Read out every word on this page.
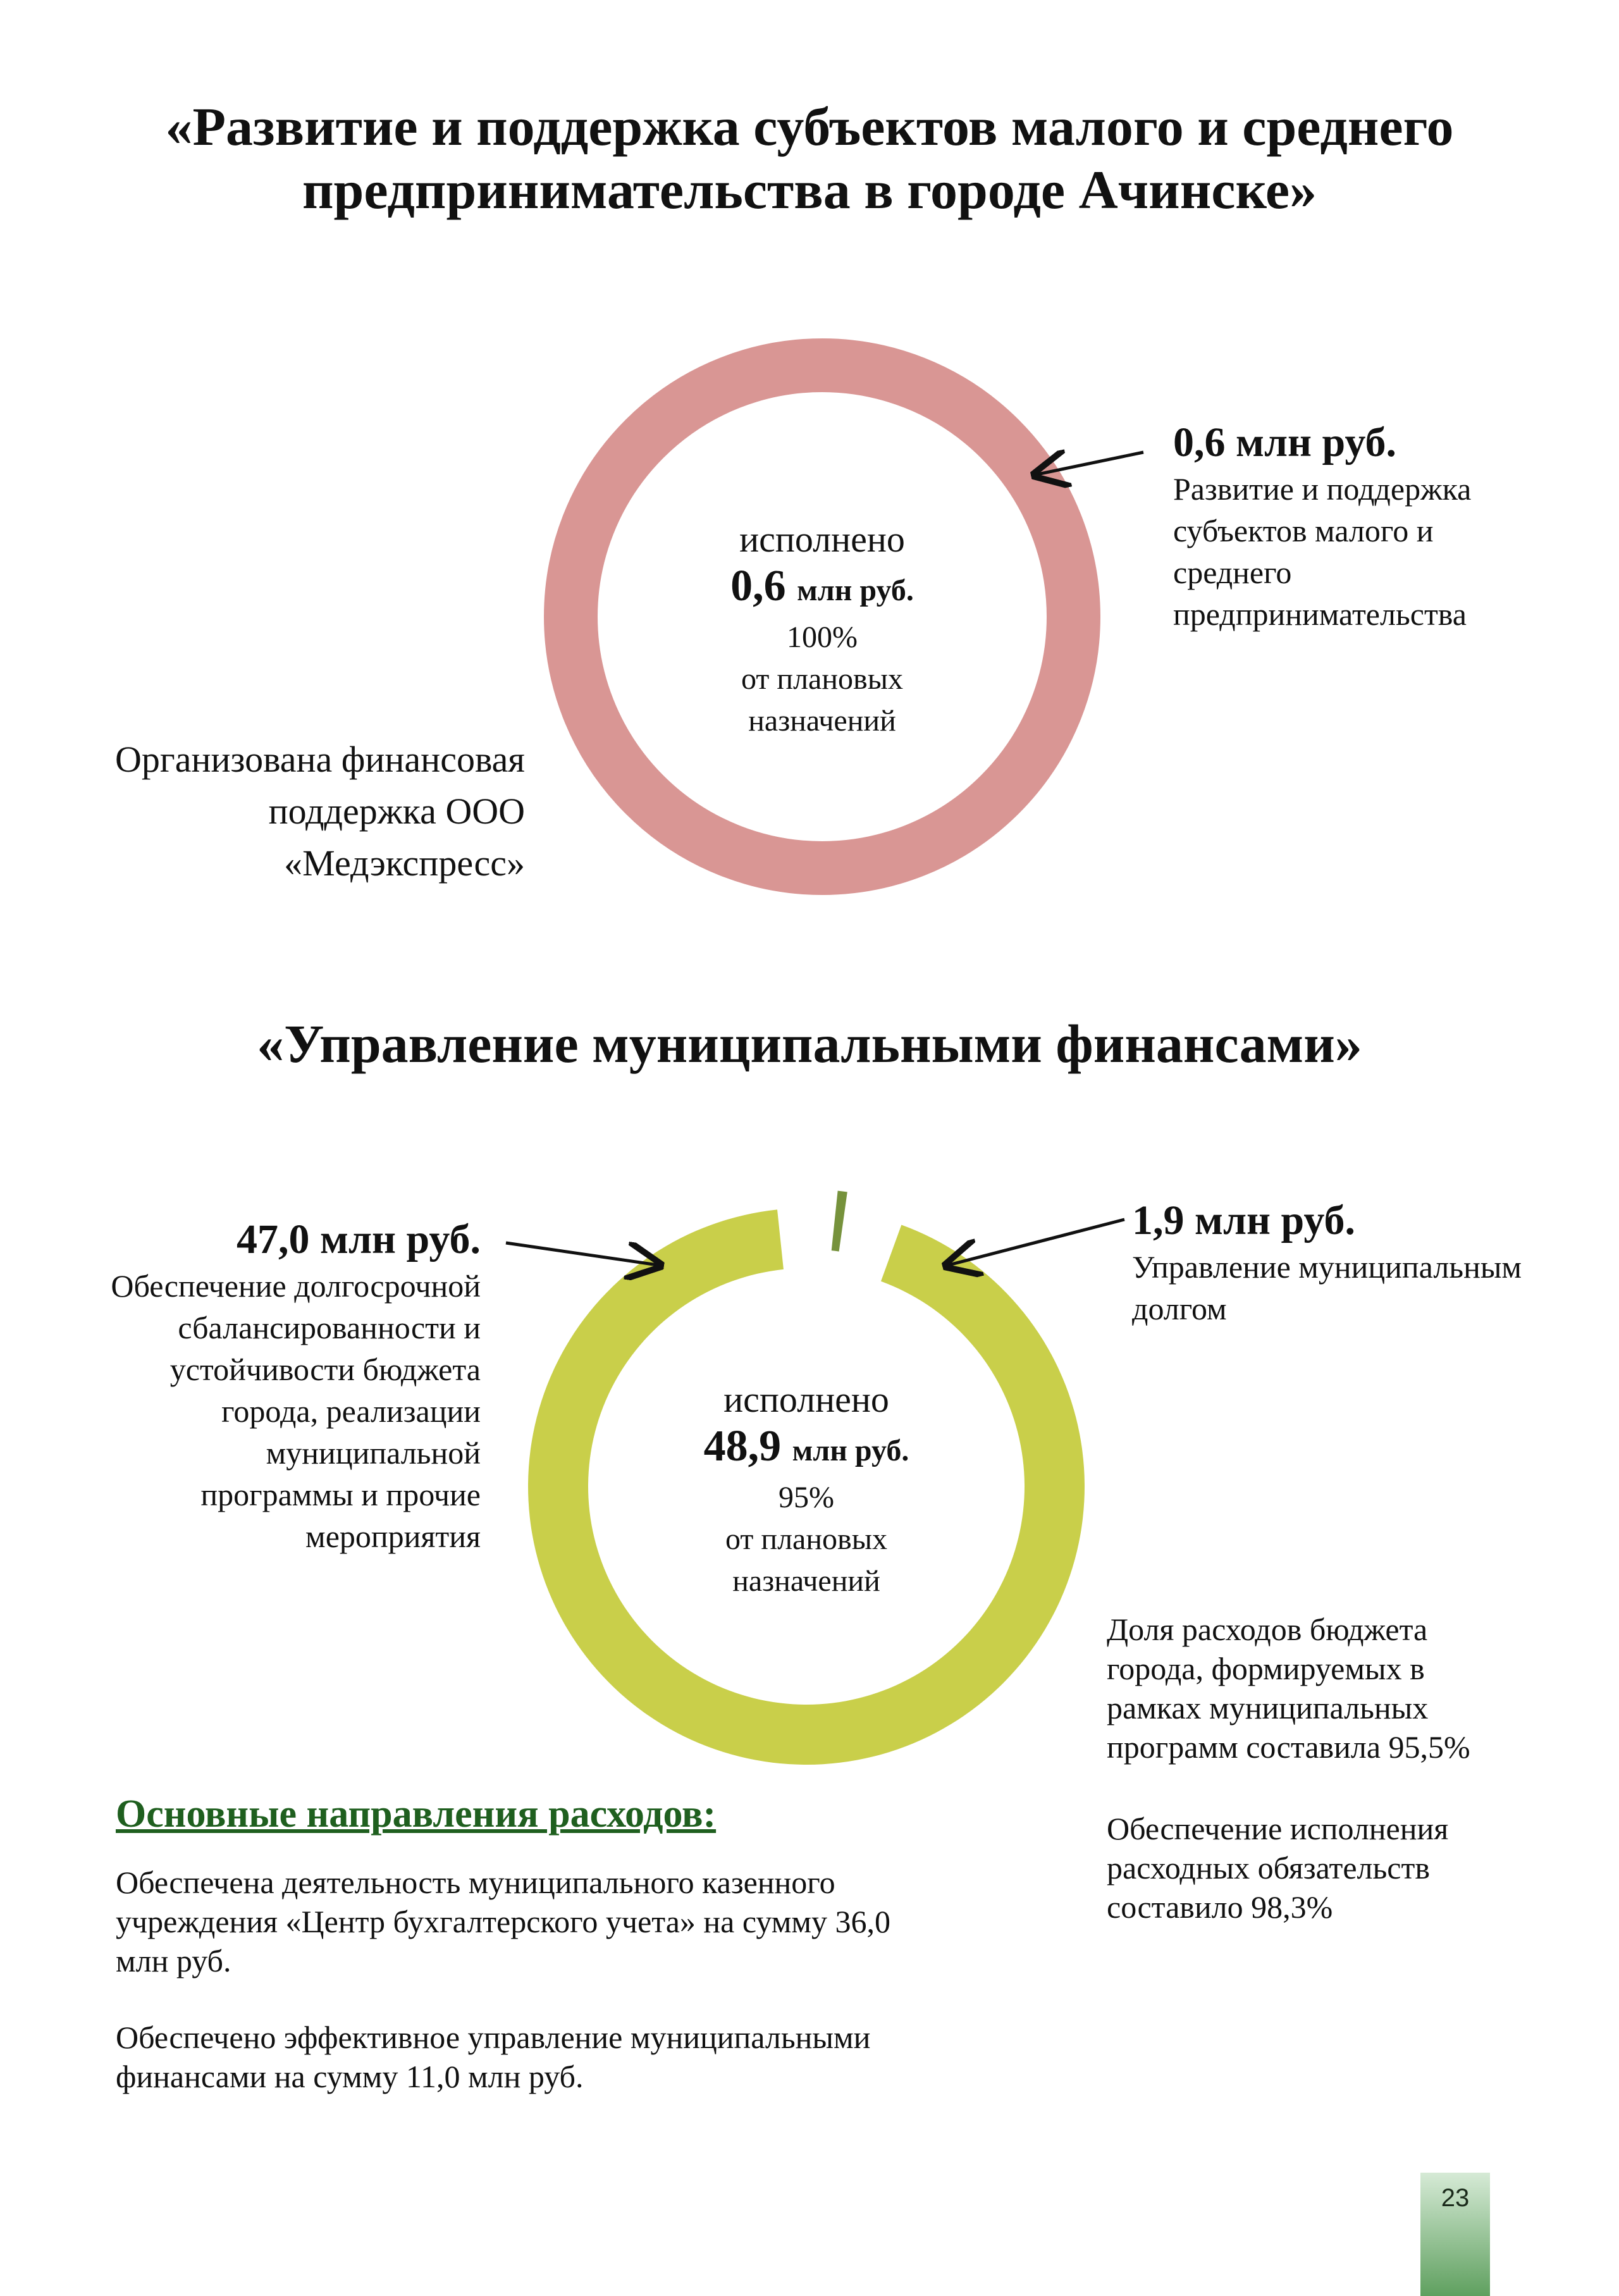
«Развитие и поддержка субъектов малого и среднего предпринимательства в городе Ачинске»
«Управление муниципальными финансами»
исполнено
0,6 млн руб.
100%
от плановых
назначений
0,6 млн руб.
Развитие и поддержка субъектов малого и среднего предпринимательства
Организована финансовая поддержка ООО «Медэкспресс»
исполнено
48,9 млн руб.
95%
от плановых
назначений
47,0 млн руб.
Обеспечение долгосрочной сбалансированности и устойчивости бюджета города, реализации муниципальной программы и прочие мероприятия
1,9 млн руб.
Управление муниципальным долгом
Доля расходов бюджета города, формируемых в рамках муниципальных программ составила 95,5%
Обеспечение исполнения расходных обязательств составило 98,3%
Основные направления расходов:
Обеспечена деятельность муниципального казенного учреждения «Центр бухгалтерского учета» на сумму 36,0 млн руб.
Обеспечено эффективное управление муниципальными финансами на сумму 11,0 млн руб.
23
